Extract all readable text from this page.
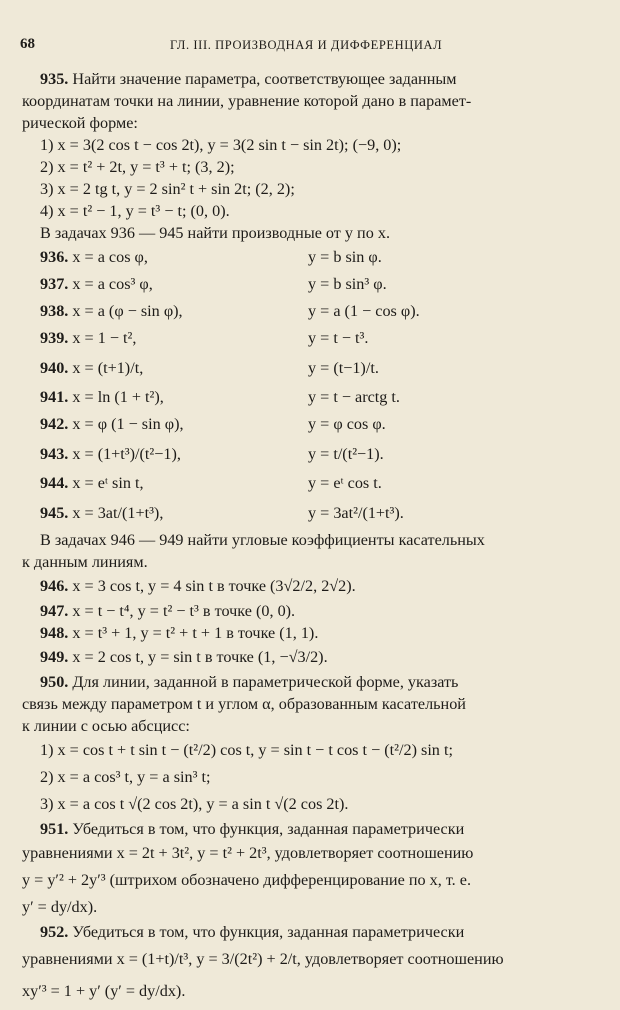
68	ГЛ. III. ПРОИЗВОДНАЯ И ДИФФЕРЕНЦИАЛ
935. Найти значение параметра, соответствующее заданным
координатам точки на линии, уравнение которой дано в парамет-
рической форме:
1) x = 3(2 cos t − cos 2t), y = 3(2 sin t − sin 2t); (−9, 0);
2) x = t² + 2t, y = t³ + t; (3, 2);
3) x = 2 tg t, y = 2 sin² t + sin 2t; (2, 2);
4) x = t² − 1, y = t³ − t; (0, 0).
В задачах 936 — 945 найти производные от y по x.
936. x = a cos φ,	y = b sin φ.
937. x = a cos³ φ,	y = b sin³ φ.
938. x = a (φ − sin φ),	y = a (1 − cos φ).
939. x = 1 − t²,	y = t − t³.
940. x = (t+1)/t,	y = (t−1)/t.
941. x = ln (1 + t²),	y = t − arctg t.
942. x = φ (1 − sin φ),	y = φ cos φ.
943. x = (1+t³)/(t²−1),	y = t/(t²−1).
944. x = eᵗ sin t,	y = eᵗ cos t.
945. x = 3at/(1+t³),	y = 3at²/(1+t³).
В задачах 946 — 949 найти угловые коэффициенты касательных
к данным линиям.
946. x = 3 cos t, y = 4 sin t в точке (3√2/2, 2√2).
947. x = t − t⁴, y = t² − t³ в точке (0, 0).
948. x = t³ + 1, y = t² + t + 1 в точке (1, 1).
949. x = 2 cos t, y = sin t в точке (1, −√3/2).
950. Для линии, заданной в параметрической форме, указать
связь между параметром t и углом α, образованным касательной
к линии с осью абсцисс:
1) x = cos t + t sin t − (t²/2) cos t, y = sin t − t cos t − (t²/2) sin t;
2) x = a cos³ t, y = a sin³ t;
3) x = a cos t √(2 cos 2t), y = a sin t √(2 cos 2t).
951. Убедиться в том, что функция, заданная параметрически
уравнениями x = 2t + 3t², y = t² + 2t³, удовлетворяет соотношению
y = y′² + 2y′³ (штрихом обозначено дифференцирование по x, т. е.
y′ = dy/dx).
952. Убедиться в том, что функция, заданная параметрически
уравнениями x = (1+t)/t³, y = 3/(2t²) + 2/t, удовлетворяет соотношению
xy′³ = 1 + y′ (y′ = dy/dx).
